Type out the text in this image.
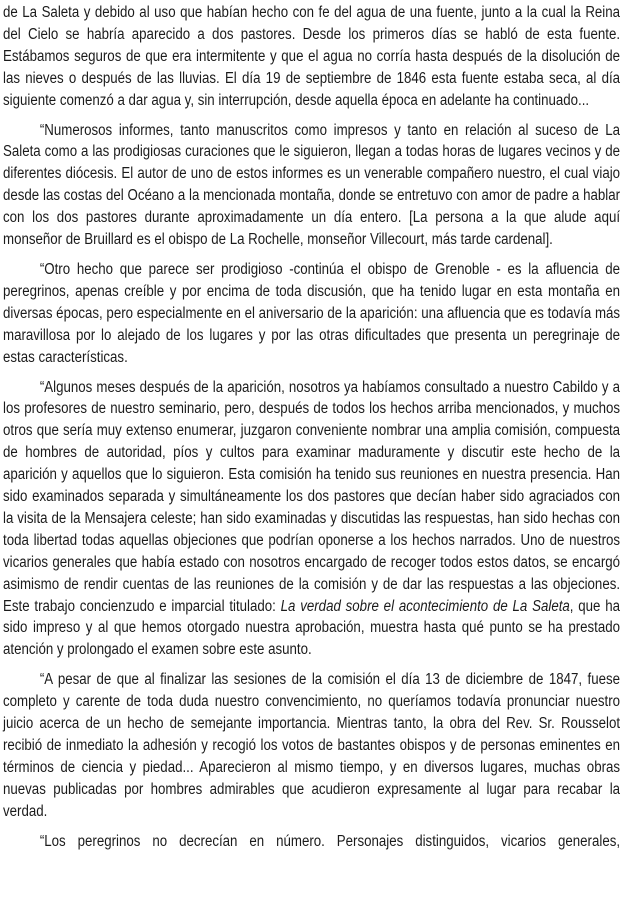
de La Saleta y debido al uso que habían hecho con fe del agua de una fuente, junto a la cual la Reina del Cielo se habría aparecido a dos pastores. Desde los primeros días se habló de esta fuente. Estábamos seguros de que era intermitente y que el agua no corría hasta después de la disolución de las nieves o después de las lluvias. El día 19 de septiembre de 1846 esta fuente estaba seca, al día siguiente comenzó a dar agua y, sin interrupción, desde aquella época en adelante ha continuado...

“Numerosos informes, tanto manuscritos como impresos y tanto en relación al suceso de La Saleta como a las prodigiosas curaciones que le siguieron, llegan a todas horas de lugares vecinos y de diferentes diócesis. El autor de uno de estos informes es un venerable compañero nuestro, el cual viajo desde las costas del Océano a la mencionada montaña, donde se entretuvo con amor de padre a hablar con los dos pastores durante aproximadamente un día entero. [La persona a la que alude aquí monseñor de Bruillard es el obispo de La Rochelle, monseñor Villecourt, más tarde cardenal].

“Otro hecho que parece ser prodigioso -continúa el obispo de Grenoble - es la afluencia de peregrinos, apenas creíble y por encima de toda discusión, que ha tenido lugar en esta montaña en diversas épocas, pero especialmente en el aniversario de la aparición: una afluencia que es todavía más maravillosa por lo alejado de los lugares y por las otras dificultades que presenta un peregrinaje de estas características.

“Algunos meses después de la aparición, nosotros ya habíamos consultado a nuestro Cabildo y a los profesores de nuestro seminario, pero, después de todos los hechos arriba mencionados, y muchos otros que sería muy extenso enumerar, juzgaron conveniente nombrar una amplia comisión, compuesta de hombres de autoridad, píos y cultos para examinar maduramente y discutir este hecho de la aparición y aquellos que lo siguieron. Esta comisión ha tenido sus reuniones en nuestra presencia. Han sido examinados separada y simultáneamente los dos pastores que decían haber sido agraciados con la visita de la Mensajera celeste; han sido examinadas y discutidas las respuestas, han sido hechas con toda libertad todas aquellas objeciones que podrían oponerse a los hechos narrados. Uno de nuestros vicarios generales que había estado con nosotros encargado de recoger todos estos datos, se encargó asimismo de rendir cuentas de las reuniones de la comisión y de dar las respuestas a las objeciones. Este trabajo concienzudo e imparcial titulado: La verdad sobre el acontecimiento de La Saleta, que ha sido impreso y al que hemos otorgado nuestra aprobación, muestra hasta qué punto se ha prestado atención y prolongado el examen sobre este asunto.

“A pesar de que al finalizar las sesiones de la comisión el día 13 de diciembre de 1847, fuese completo y carente de toda duda nuestro convencimiento, no queríamos todavía pronunciar nuestro juicio acerca de un hecho de semejante importancia. Mientras tanto, la obra del Rev. Sr. Rousselot recibió de inmediato la adhesión y recogió los votos de bastantes obispos y de personas eminentes en términos de ciencia y piedad... Aparecieron al mismo tiempo, y en diversos lugares, muchas obras nuevas publicadas por hombres admirables que acudieron expresamente al lugar para recabar la verdad.

“Los peregrinos no decrecían en número. Personajes distinguidos, vicarios generales,
